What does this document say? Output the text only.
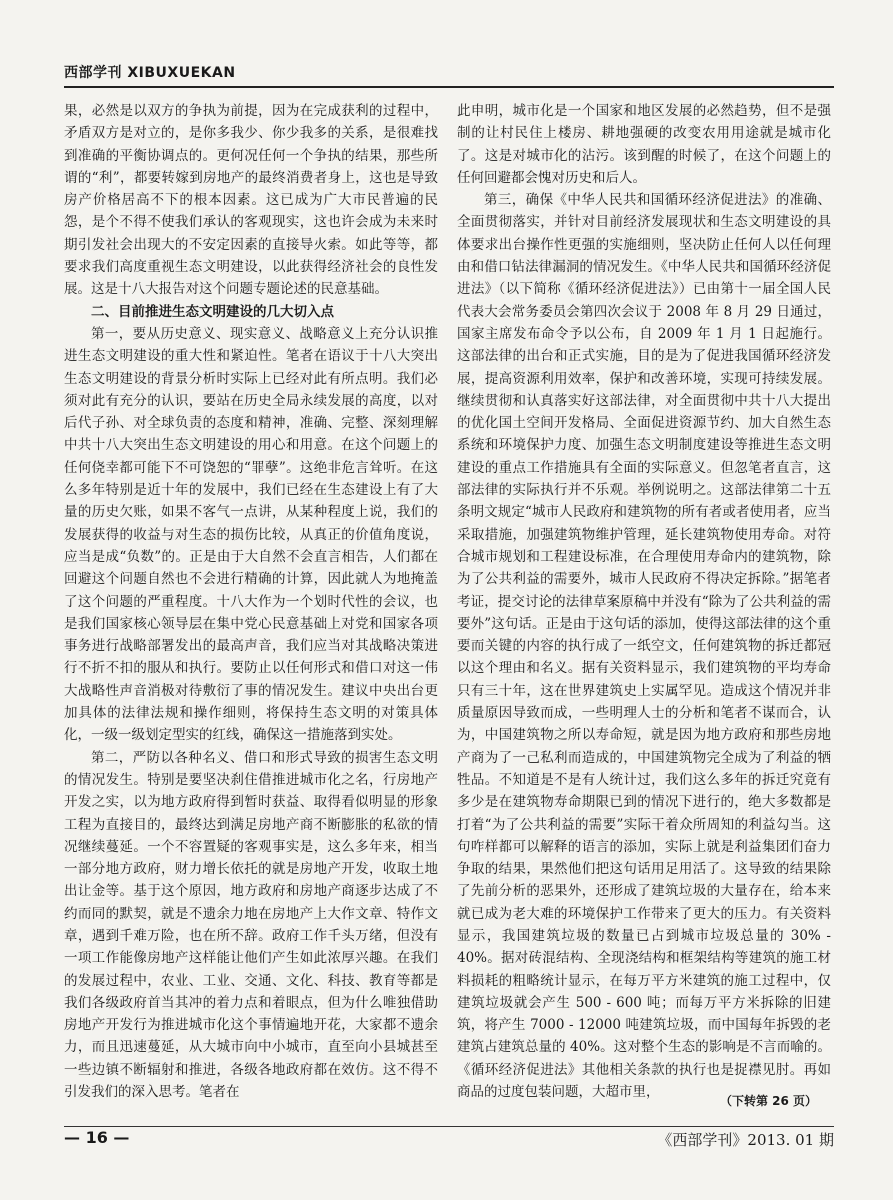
西部学刊 XIBUXUEKAN

果，必然是以双方的争执为前提，因为在完成获利的过程中，矛盾双方是对立的，是你多我少、你少我多的关系，是很难找到准确的平衡协调点的。更何况任何一个争执的结果，那些所谓的“利”，都要转嫁到房地产的最终消费者身上，这也是导致房产价格居高不下的根本因素。这已成为广大市民普遍的民怨，是个不得不使我们承认的客观现实，这也许会成为未来时期引发社会出现大的不安定因素的直接导火索。如此等等，都要求我们高度重视生态文明建设，以此获得经济社会的良性发展。这是十八大报告对这个问题专题论述的民意基础。

二、目前推进生态文明建设的几大切入点

第一，要从历史意义、现实意义、战略意义上充分认识推进生态文明建设的重大性和紧迫性。笔者在语议于十八大突出生态文明建设的背景分析时实际上已经对此有所点明。我们必须对此有充分的认识，要站在历史全局永续发展的高度，以对后代子孙、对全球负责的态度和精神，准确、完整、深刻理解中共十八大突出生态文明建设的用心和用意。在这个问题上的任何侥幸都可能下不可饶恕的“罪孽”。这绝非危言耸听。在这么多年特别是近十年的发展中，我们已经在生态建设上有了大量的历史欠账，如果不客气一点讲，从某种程度上说，我们的发展获得的收益与对生态的损伤比较，从真正的价值角度说，应当是成“负数”的。正是由于大自然不会直言相告，人们都在回避这个问题自然也不会进行精确的计算，因此就人为地掩盖了这个问题的严重程度。十八大作为一个划时代性的会议，也是我们国家核心领导层在集中党心民意基础上对党和国家各项事务进行战略部署发出的最高声音，我们应当对其战略决策进行不折不扣的服从和执行。要防止以任何形式和借口对这一伟大战略性声音消极对待敷衍了事的情况发生。建议中央出台更加具体的法律法规和操作细则，将保持生态文明的对策具体化，一级一级划定型实的红线，确保这一措施落到实处。

第二，严防以各种名义、借口和形式导致的损害生态文明的情况发生。特别是要坚决刹住借推进城市化之名，行房地产开发之实，以为地方政府得到暂时获益、取得看似明显的形象工程为直接目的，最终达到满足房地产商不断膨胀的私欲的情况继续蔓延。一个不容置疑的客观事实是，这么多年来，相当一部分地方政府，财力增长依托的就是房地产开发，收取土地出让金等。基于这个原因，地方政府和房地产商逐步达成了不约而同的默契，就是不遗余力地在房地产上大作文章、特作文章，遇到千难万险，也在所不辞。政府工作千头万绪，但没有一项工作能像房地产这样能让他们产生如此浓厚兴趣。在我们的发展过程中，农业、工业、交通、文化、科技、教育等都是我们各级政府首当其冲的着力点和着眼点，但为什么唯独借助房地产开发行为推进城市化这个事情遍地开花，大家都不遗余力，而且迅速蔓延，从大城市向中小城市，直至向小县城甚至一些边镇不断辐射和推进，各级各地政府都在效仿。这不得不引发我们的深入思考。笔者在

此申明，城市化是一个国家和地区发展的必然趋势，但不是强制的让村民住上楼房、耕地强硬的改变农用用途就是城市化了。这是对城市化的沾污。该到醒的时候了，在这个问题上的任何回避都会愧对历史和后人。

第三，确保《中华人民共和国循环经济促进法》的准确、全面贯彻落实，并针对目前经济发展现状和生态文明建设的具体要求出台操作性更强的实施细则，坚决防止任何人以任何理由和借口钻法律漏洞的情况发生。《中华人民共和国循环经济促进法》（以下简称《循环经济促进法》）已由第十一届全国人民代表大会常务委员会第四次会议于 2008 年 8 月 29 日通过，国家主席发布命令予以公布，自 2009 年 1 月 1 日起施行。这部法律的出台和正式实施，目的是为了促进我国循环经济发展，提高资源利用效率，保护和改善环境，实现可持续发展。继续贯彻和认真落实好这部法律，对全面贯彻中共十八大提出的优化国土空间开发格局、全面促进资源节约、加大自然生态系统和环境保护力度、加强生态文明制度建设等推进生态文明建设的重点工作措施具有全面的实际意义。但忽笔者直言，这部法律的实际执行并不乐观。举例说明之。这部法律第二十五条明文规定“城市人民政府和建筑物的所有者或者使用者，应当采取措施，加强建筑物维护管理，延长建筑物使用寿命。对符合城市规划和工程建设标准，在合理使用寿命内的建筑物，除为了公共利益的需要外，城市人民政府不得决定拆除。”据笔者考证，提交讨论的法律草案原稿中并没有“除为了公共利益的需要外”这句话。正是由于这句话的添加，使得这部法律的这个重要而关键的内容的执行成了一纸空文，任何建筑物的拆迁都冠以这个理由和名义。据有关资料显示，我们建筑物的平均寿命只有三十年，这在世界建筑史上实属罕见。造成这个情况并非质量原因导致而成，一些明理人士的分析和笔者不谋而合，认为，中国建筑物之所以寿命短，就是因为地方政府和那些房地产商为了一己私利而造成的，中国建筑物完全成为了利益的牺牲品。不知道是不是有人统计过，我们这么多年的拆迁究竟有多少是在建筑物寿命期限已到的情况下进行的，绝大多数都是打着“为了公共利益的需要”实际干着众所周知的利益勾当。这句咋样都可以解释的语言的添加，实际上就是利益集团们奋力争取的结果，果然他们把这句话用足用活了。这导致的结果除了先前分析的恶果外，还形成了建筑垃圾的大量存在，给本来就已成为老大难的环境保护工作带来了更大的压力。有关资料显示，我国建筑垃圾的数量已占到城市垃圾总量的 30% - 40%。据对砖混结构、全现浇结构和框架结构等建筑的施工材料损耗的粗略统计显示，在每万平方米建筑的施工过程中，仅建筑垃圾就会产生 500 - 600 吨；而每万平方米拆除的旧建筑，将产生 7000 - 12000 吨建筑垃圾，而中国每年拆毁的老建筑占建筑总量的 40%。这对整个生态的影响是不言而喻的。《循环经济促进法》其他相关条款的执行也是捉襟见肘。再如商品的过度包装问题，大超市里，

（下转第 26 页）
— 16 —	《西部学刊》2013. 01 期
